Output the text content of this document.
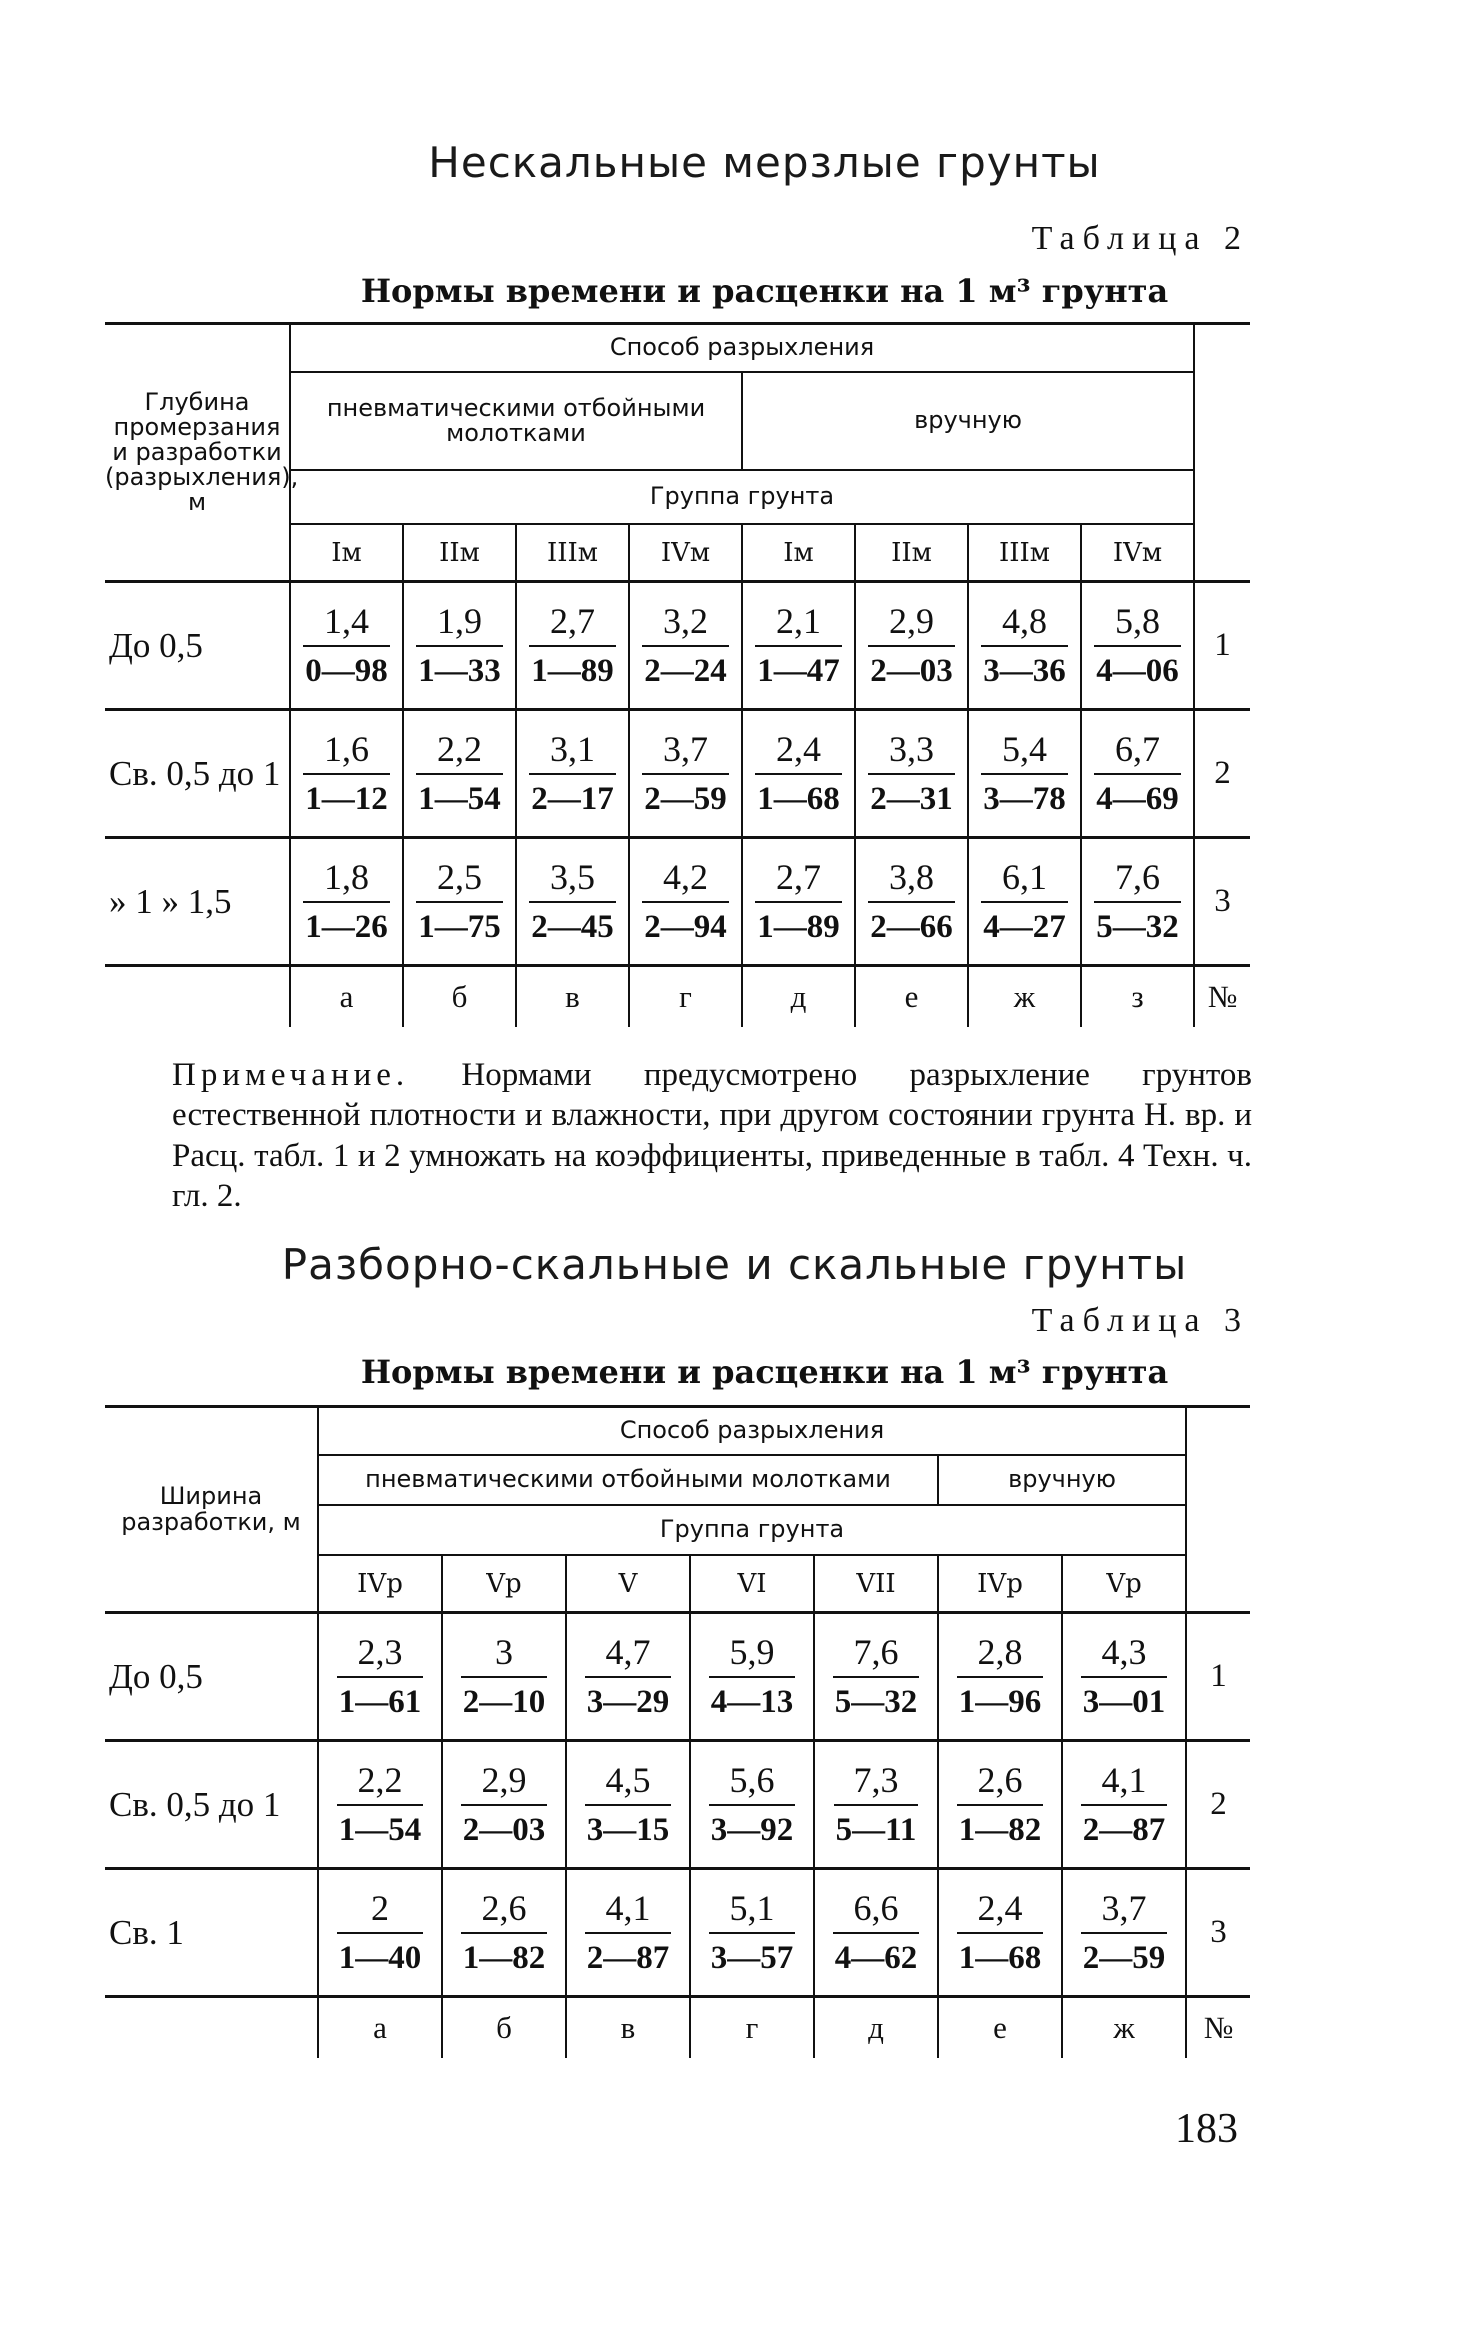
Нескальные мерзлые грунты
Таблица 2
Нормы времени и расценки на 1 м³ грунта
Глубина промерзания и разработки (разрыхления), м	Способ разрыхления								
	пневматическими отбойными молотками				вручную				
	Группа грунта								
	Iм	IIм	IIIм	IVм	Iм	IIм	IIIм	IVм	
До 0,5	$\frac{1,4}{0—98}$	$\frac{1,9}{1—33}$	$\frac{2,7}{1—89}$	$\frac{3,2}{2—24}$	$\frac{2,1}{1—47}$	$\frac{2,9}{2—03}$	$\frac{4,8}{3—36}$	$\frac{5,8}{4—06}$	1
Св. 0,5 до 1	$\frac{1,6}{1—12}$	$\frac{2,2}{1—54}$	$\frac{3,1}{2—17}$	$\frac{3,7}{2—59}$	$\frac{2,4}{1—68}$	$\frac{3,3}{2—31}$	$\frac{5,4}{3—78}$	$\frac{6,7}{4—69}$	2
» 1 » 1,5	$\frac{1,8}{1—26}$	$\frac{2,5}{1—75}$	$\frac{3,5}{2—45}$	$\frac{4,2}{2—94}$	$\frac{2,7}{1—89}$	$\frac{3,8}{2—66}$	$\frac{6,1}{4—27}$	$\frac{7,6}{5—32}$	3
	а	б	в	г	д	е	ж	з	№
Примечание. Нормами предусмотрено разрыхление грунтов естественной плотности и влажности, при другом состоянии грунта Н. вр. и Расц. табл. 1 и 2 умножать на коэффициенты, приведенные в табл. 4 Техн. ч. гл. 2.
Разборно-скальные и скальные грунты
Таблица 3
Нормы времени и расценки на 1 м³ грунта
Ширина разработки, м	Способ разрыхления							
	пневматическими отбойными молотками					вручную		
	Группа грунта							
	IVр	Vр	V	VI	VII	IVр	Vр	
До 0,5	$\frac{2,3}{1—61}$	$\frac{3}{2—10}$	$\frac{4,7}{3—29}$	$\frac{5,9}{4—13}$	$\frac{7,6}{5—32}$	$\frac{2,8}{1—96}$	$\frac{4,3}{3—01}$	1
Св. 0,5 до 1	$\frac{2,2}{1—54}$	$\frac{2,9}{2—03}$	$\frac{4,5}{3—15}$	$\frac{5,6}{3—92}$	$\frac{7,3}{5—11}$	$\frac{2,6}{1—82}$	$\frac{4,1}{2—87}$	2
Св. 1	$\frac{2}{1—40}$	$\frac{2,6}{1—82}$	$\frac{4,1}{2—87}$	$\frac{5,1}{3—57}$	$\frac{6,6}{4—62}$	$\frac{2,4}{1—68}$	$\frac{3,7}{2—59}$	3
	а	б	в	г	д	е	ж	№
183
